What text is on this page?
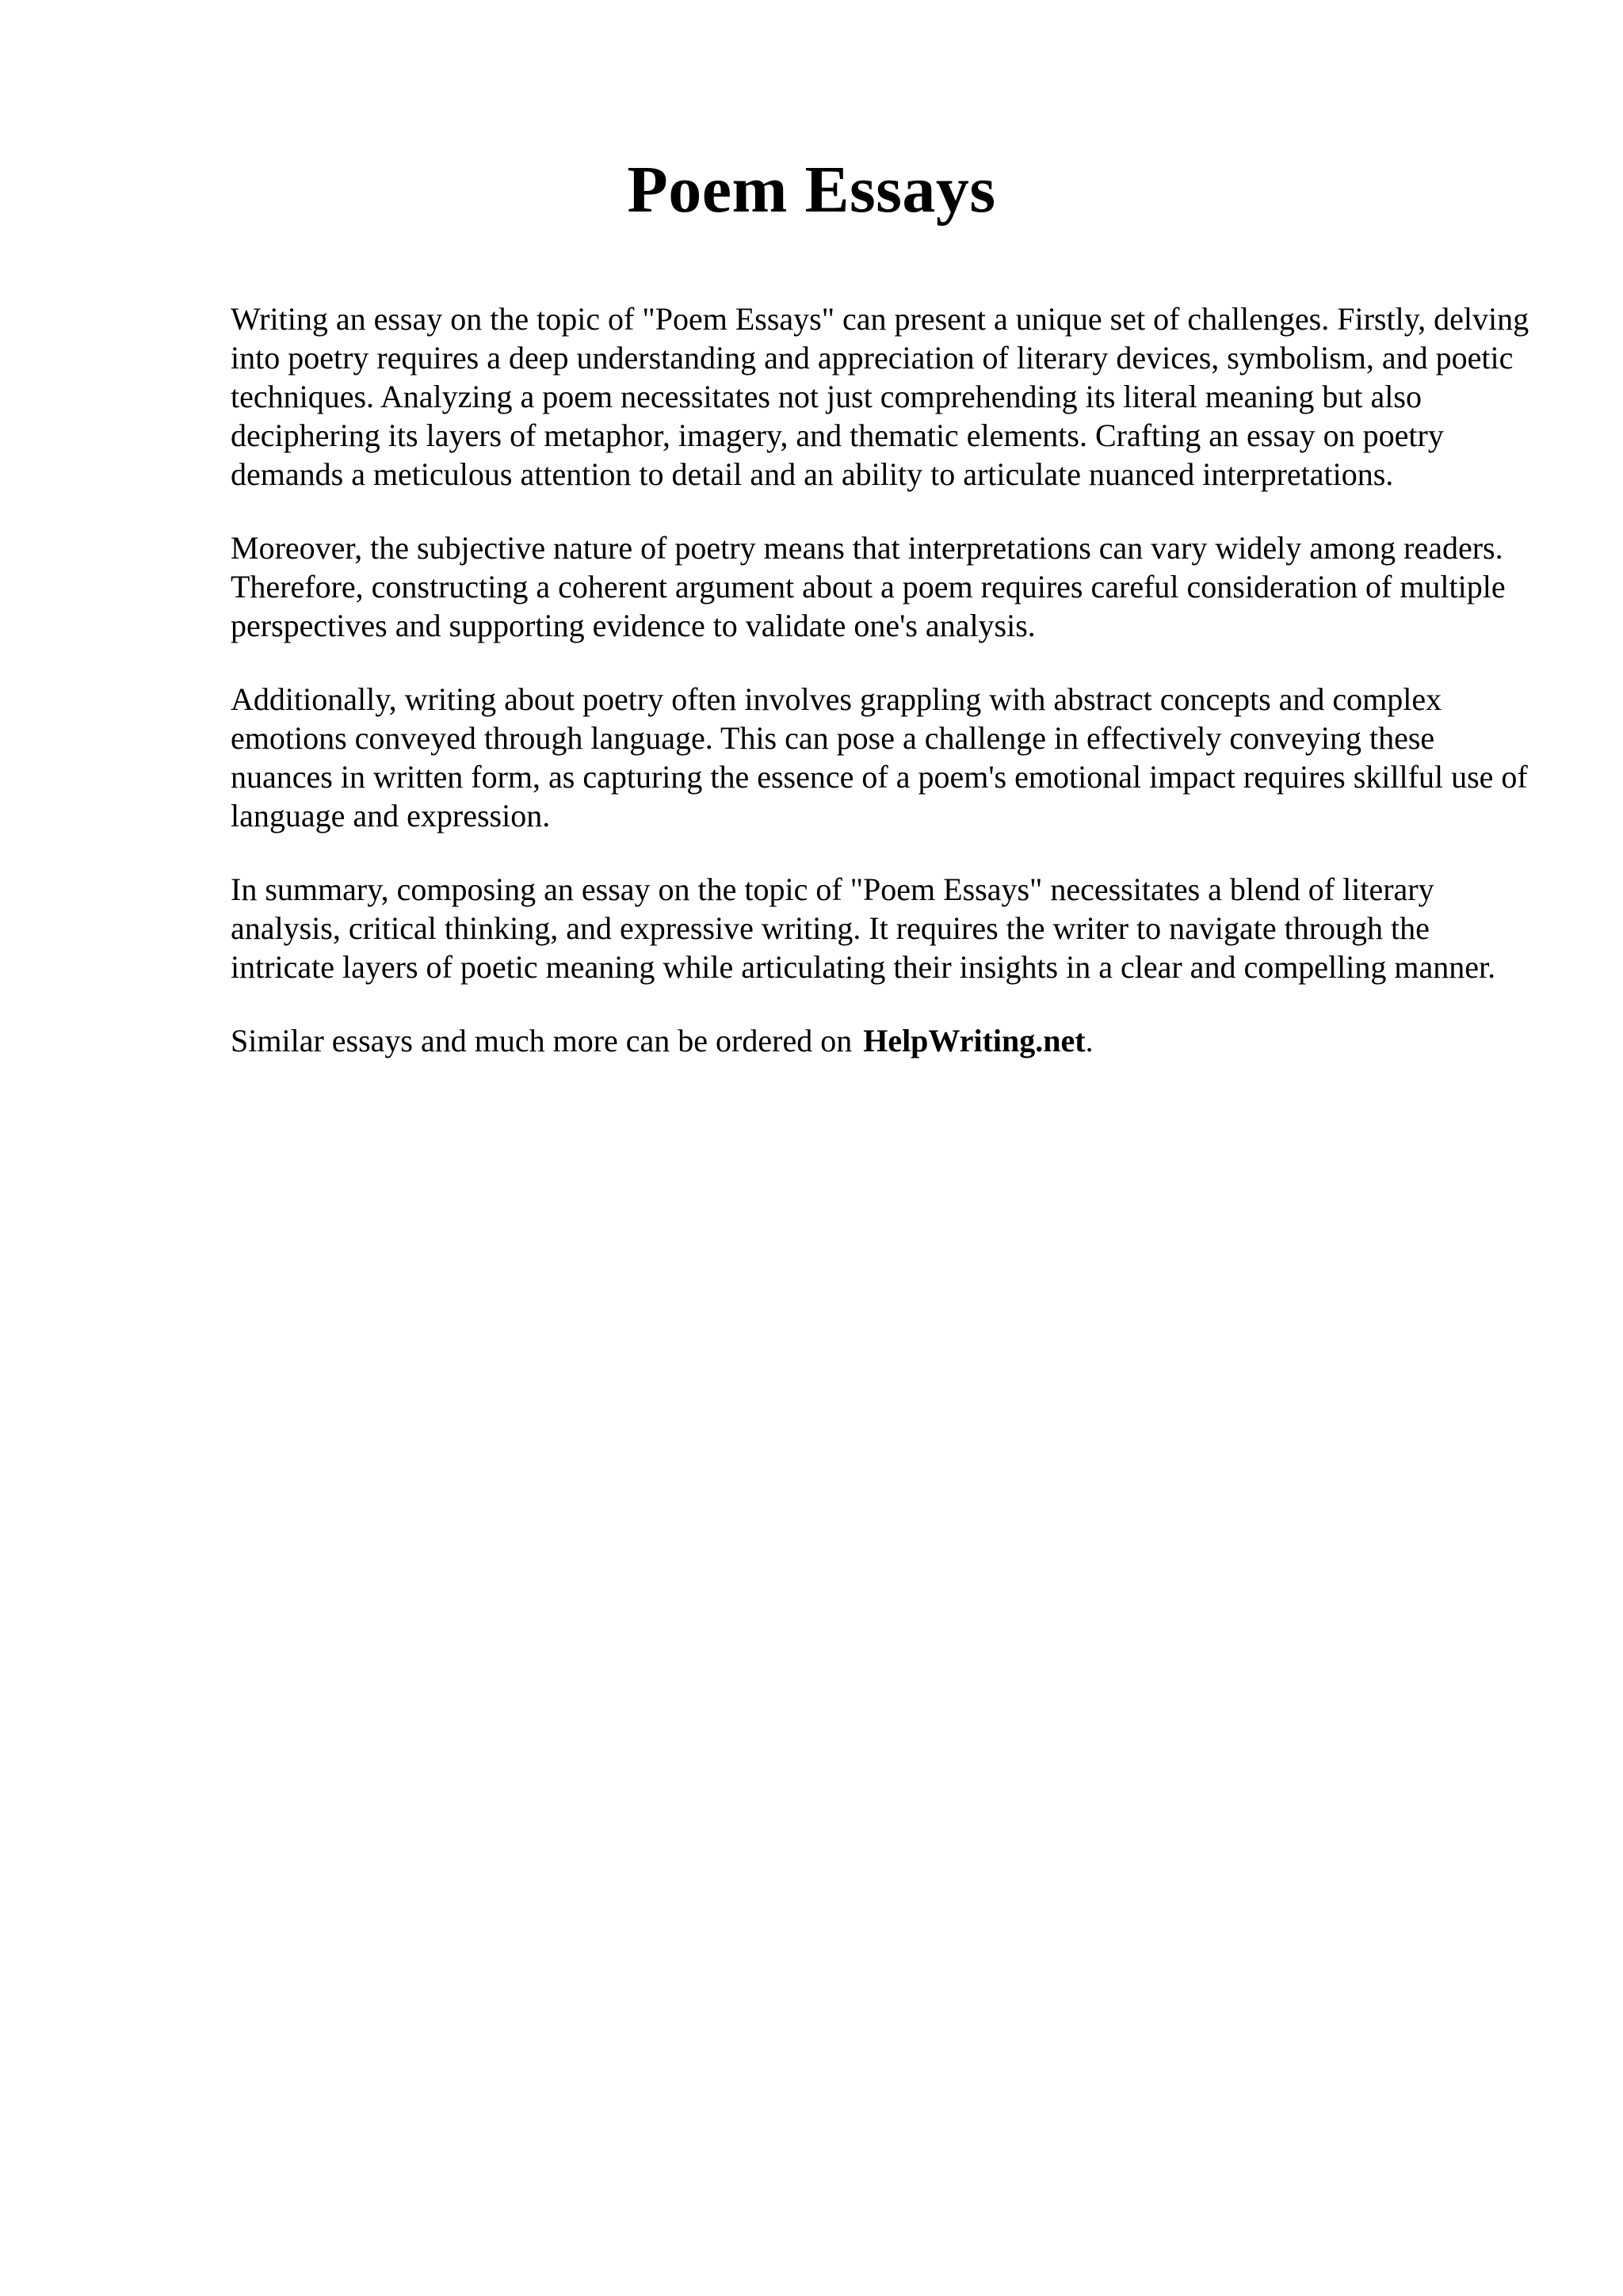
Poem Essays

Writing an essay on the topic of "Poem Essays" can present a unique set of challenges. Firstly, delving into poetry requires a deep understanding and appreciation of literary devices, symbolism, and poetic techniques. Analyzing a poem necessitates not just comprehending its literal meaning but also deciphering its layers of metaphor, imagery, and thematic elements. Crafting an essay on poetry demands a meticulous attention to detail and an ability to articulate nuanced interpretations.

Moreover, the subjective nature of poetry means that interpretations can vary widely among readers. Therefore, constructing a coherent argument about a poem requires careful consideration of multiple perspectives and supporting evidence to validate one's analysis.

Additionally, writing about poetry often involves grappling with abstract concepts and complex emotions conveyed through language. This can pose a challenge in effectively conveying these nuances in written form, as capturing the essence of a poem's emotional impact requires skillful use of language and expression.

In summary, composing an essay on the topic of "Poem Essays" necessitates a blend of literary analysis, critical thinking, and expressive writing. It requires the writer to navigate through the intricate layers of poetic meaning while articulating their insights in a clear and compelling manner.

Similar essays and much more can be ordered on HelpWriting.net.
